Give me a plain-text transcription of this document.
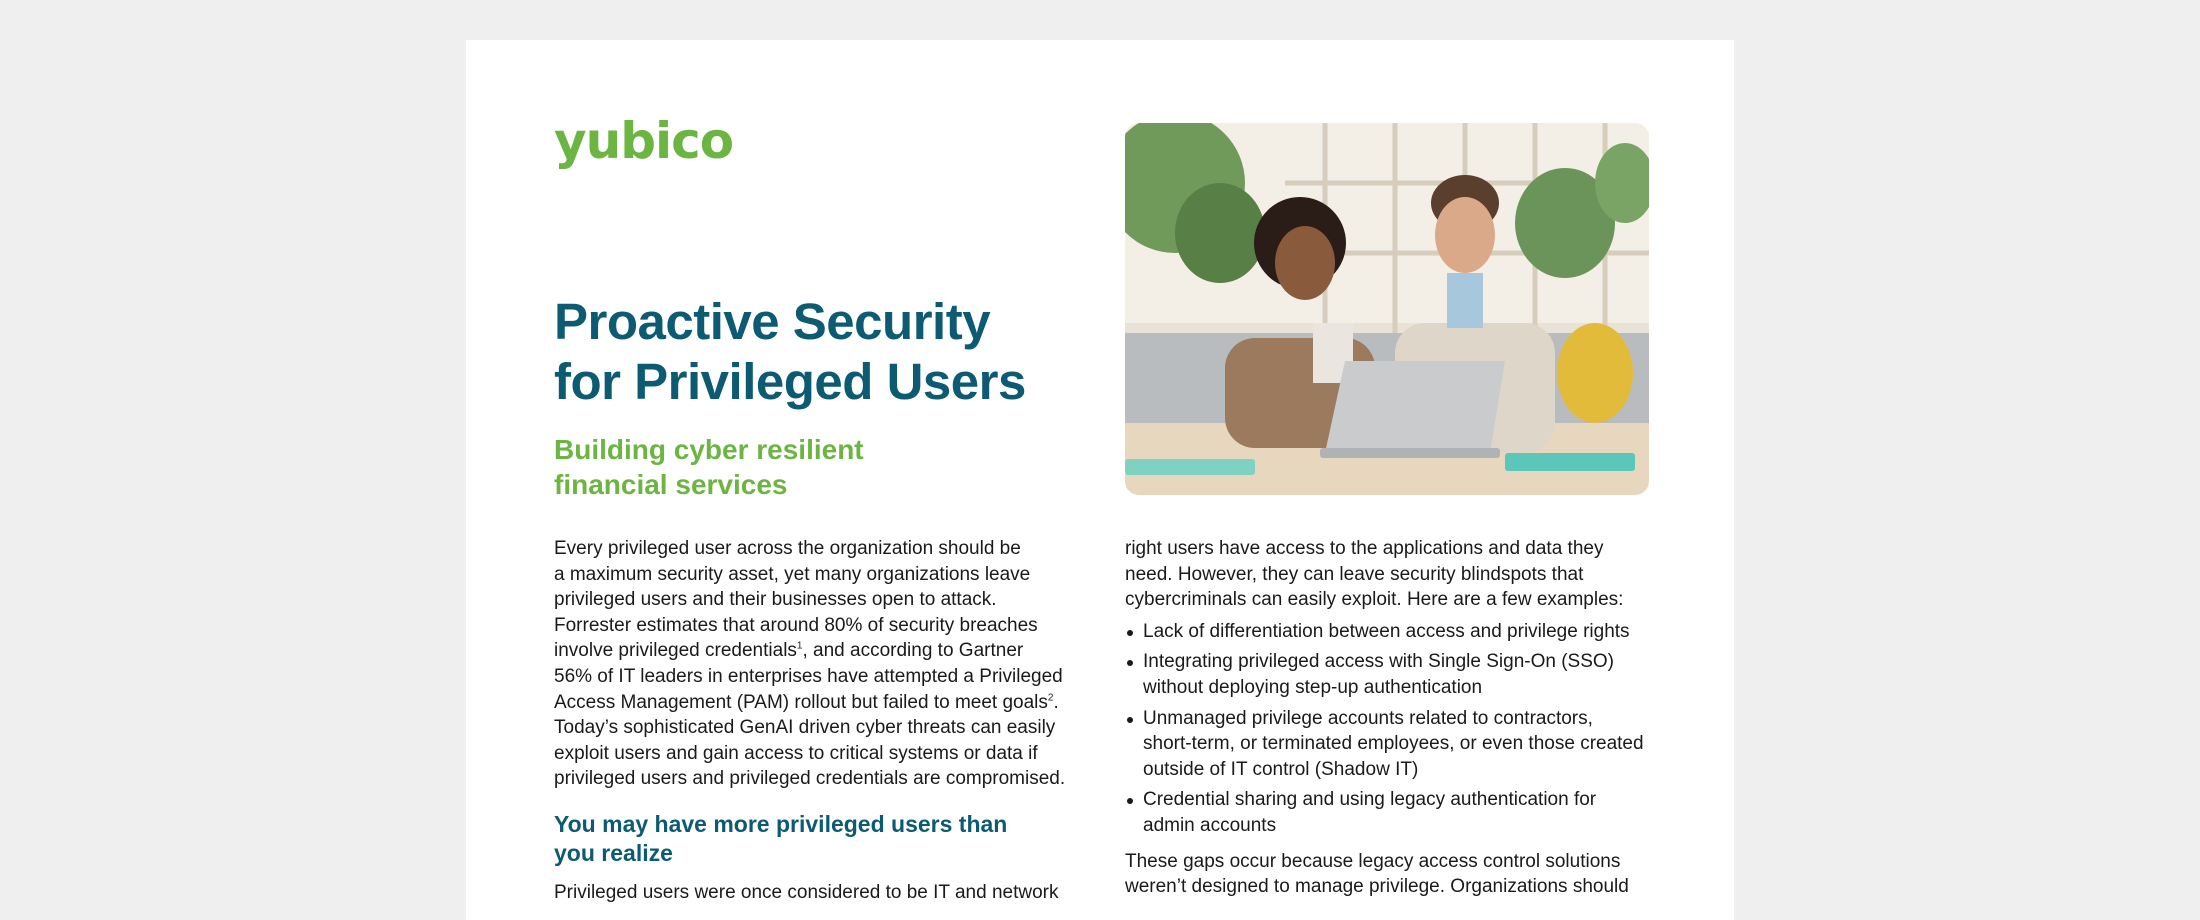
yubico
Proactive Security
for Privileged Users
Building cyber resilient
financial services

Every privileged user across the organization should be
a maximum security asset, yet many organizations leave
privileged users and their businesses open to attack.
Forrester estimates that around 80% of security breaches
involve privileged credentials$^1$, and according to Gartner
56% of IT leaders in enterprises have attempted a Privileged
Access Management (PAM) rollout but failed to meet goals$^2$.
Today’s sophisticated GenAI driven cyber threats can easily
exploit users and gain access to critical systems or data if
privileged users and privileged credentials are compromised.

You may have more privileged users than
you realize

Privileged users were once considered to be IT and network

right users have access to the applications and data they
need. However, they can leave security blindspots that
cybercriminals can easily exploit. Here are a few examples:

Lack of differentiation between access and privilege rights
Integrating privileged access with Single Sign-On (SSO)
without deploying step-up authentication
Unmanaged privilege accounts related to contractors,
short-term, or terminated employees, or even those created
outside of IT control (Shadow IT)
Credential sharing and using legacy authentication for
admin accounts

These gaps occur because legacy access control solutions
weren’t designed to manage privilege. Organizations should
